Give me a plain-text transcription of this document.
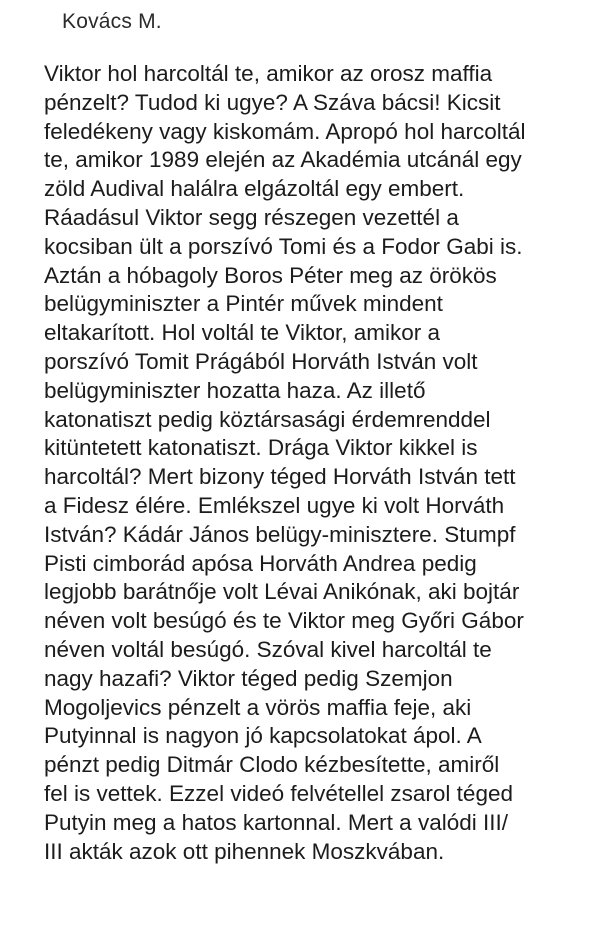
Kovács M.
Viktor hol harcoltál te, amikor az orosz maffia
pénzelt? Tudod ki ugye? A Száva bácsi! Kicsit
feledékeny vagy kiskomám. Apropó hol harcoltál
te, amikor 1989 elején az Akadémia utcánál egy
zöld Audival halálra elgázoltál egy embert.
Ráadásul Viktor segg részegen vezettél a
kocsiban ült a porszívó Tomi és a Fodor Gabi is.
Aztán a hóbagoly Boros Péter meg az örökös
belügyminiszter a Pintér művek mindent
eltakarított. Hol voltál te Viktor, amikor a
porszívó Tomit Prágából Horváth István volt
belügyminiszter hozatta haza. Az illető
katonatiszt pedig köztársasági érdemrenddel
kitüntetett katonatiszt. Drága Viktor kikkel is
harcoltál? Mert bizony téged Horváth István tett
a Fidesz élére. Emlékszel ugye ki volt Horváth
István? Kádár János belügy-minisztere. Stumpf
Pisti cimborád apósa Horváth Andrea pedig
legjobb barátnője volt Lévai Anikónak, aki bojtár
néven volt besúgó és te Viktor meg Győri Gábor
néven voltál besúgó. Szóval kivel harcoltál te
nagy hazafi? Viktor téged pedig Szemjon
Mogoljevics pénzelt a vörös maffia feje, aki
Putyinnal is nagyon jó kapcsolatokat ápol. A
pénzt pedig Ditmár Clodo kézbesítette, amiről
fel is vettek. Ezzel videó felvétellel zsarol téged
Putyin meg a hatos kartonnal. Mert a valódi III/
III akták azok ott pihennek Moszkvában.
